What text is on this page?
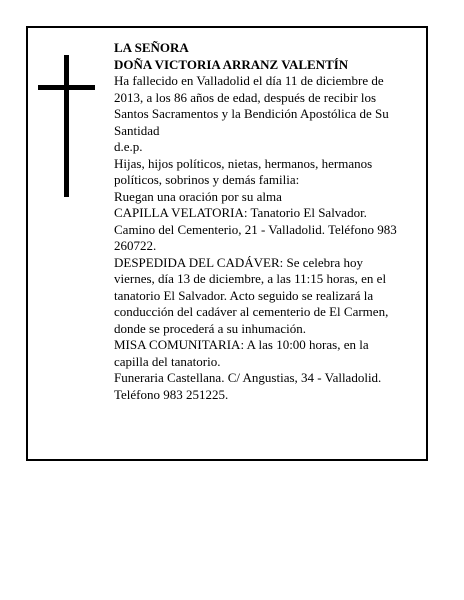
LA SEÑORA
DOÑA VICTORIA ARRANZ VALENTÍN
Ha fallecido en Valladolid el día 11 de diciembre de 2013, a los 86 años de edad, después de recibir los Santos Sacramentos y la Bendición Apostólica de Su Santidad
d.e.p.
Hijas, hijos políticos, nietas, hermanos, hermanos políticos, sobrinos y demás familia:
Ruegan una oración por su alma
CAPILLA VELATORIA: Tanatorio El Salvador. Camino del Cementerio, 21 - Valladolid. Teléfono 983 260722.
DESPEDIDA DEL CADÁVER: Se celebra hoy viernes, día 13 de diciembre, a las 11:15 horas, en el tanatorio El Salvador. Acto seguido se realizará la conducción del cadáver al cementerio de El Carmen, donde se procederá a su inhumación.
MISA COMUNITARIA: A las 10:00 horas, en la capilla del tanatorio.
Funeraria Castellana. C/ Angustias, 34 - Valladolid. Teléfono 983 251225.
